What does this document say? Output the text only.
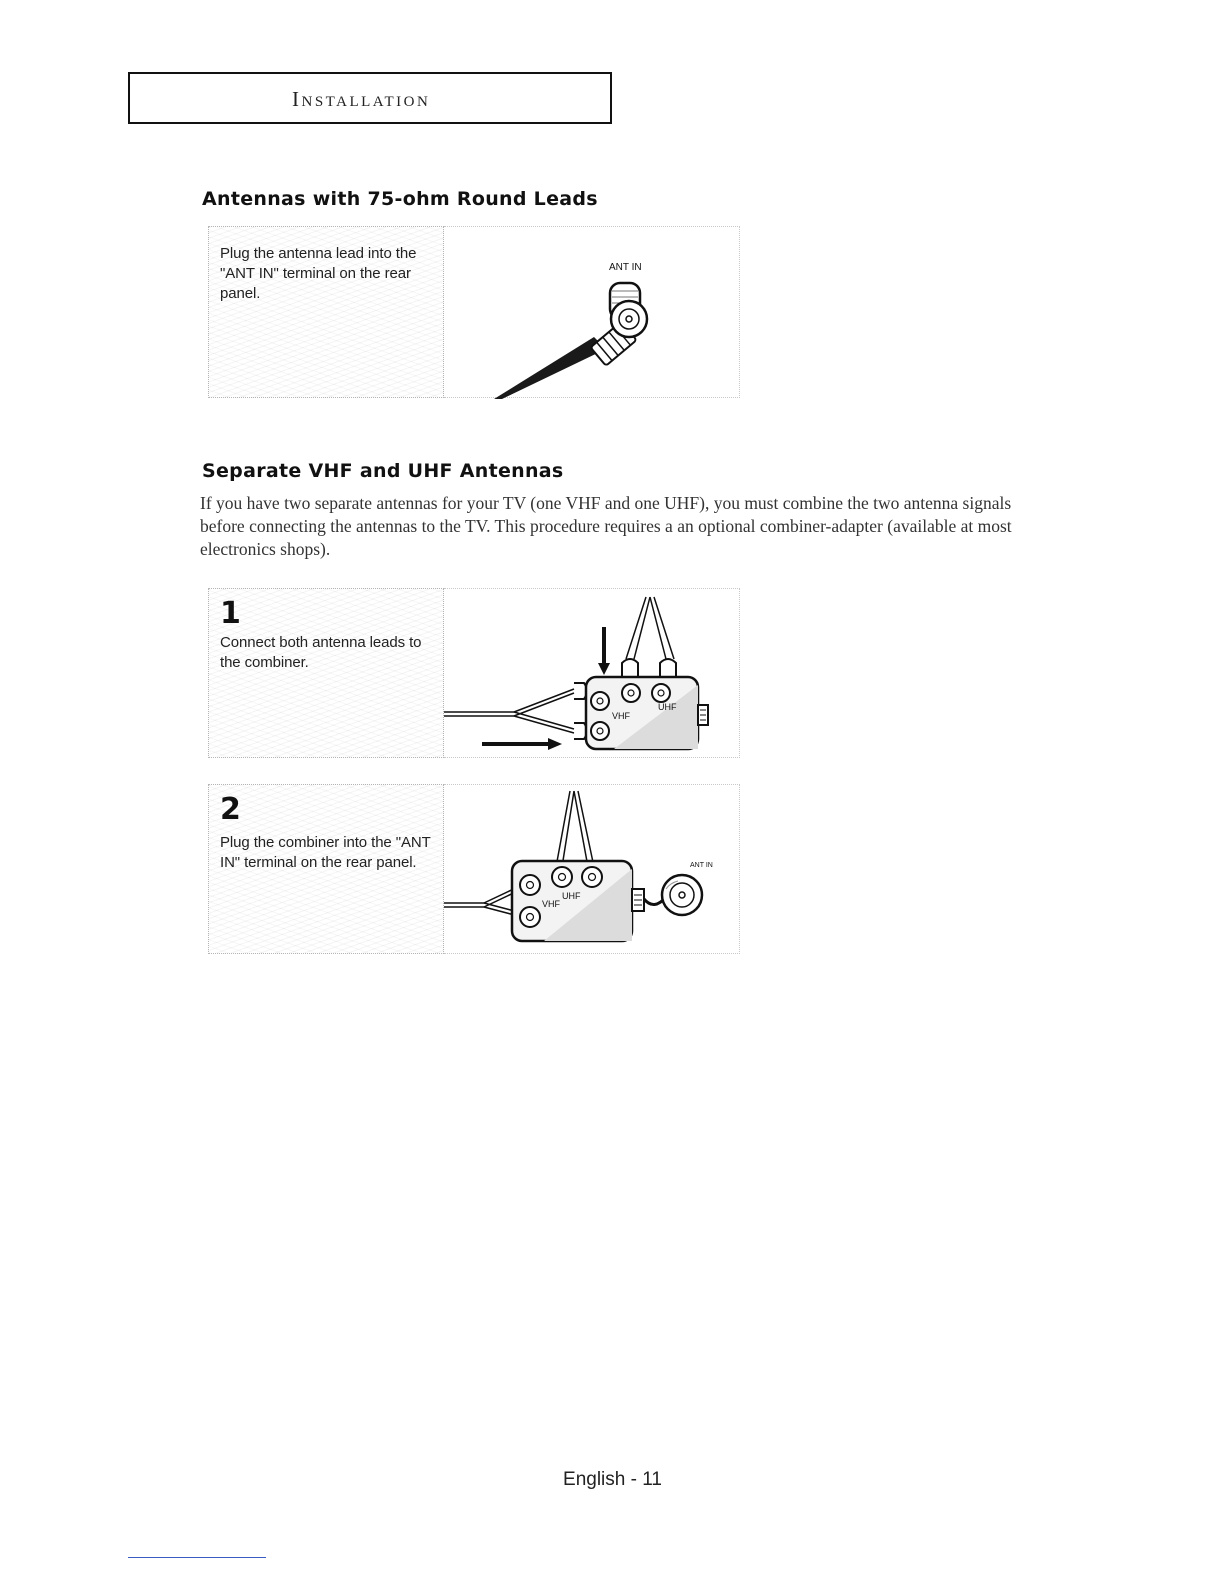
Installation
Antennas with 75-ohm Round Leads

Plug the antenna lead into the "ANT IN" terminal on the rear panel.

ANT IN
Separate VHF and UHF Antennas

If you have two separate antennas for your TV (one VHF and one UHF), you must combine the two antenna signals before connecting the antennas to the TV. This procedure requires a an optional combiner-adapter (available at most electronics shops).

1

Connect both antenna leads to the combiner.

UHF
VHF

2

Plug the combiner into the "ANT IN" terminal on the rear panel.	ANT IN
UHF
VHF
English - 11
